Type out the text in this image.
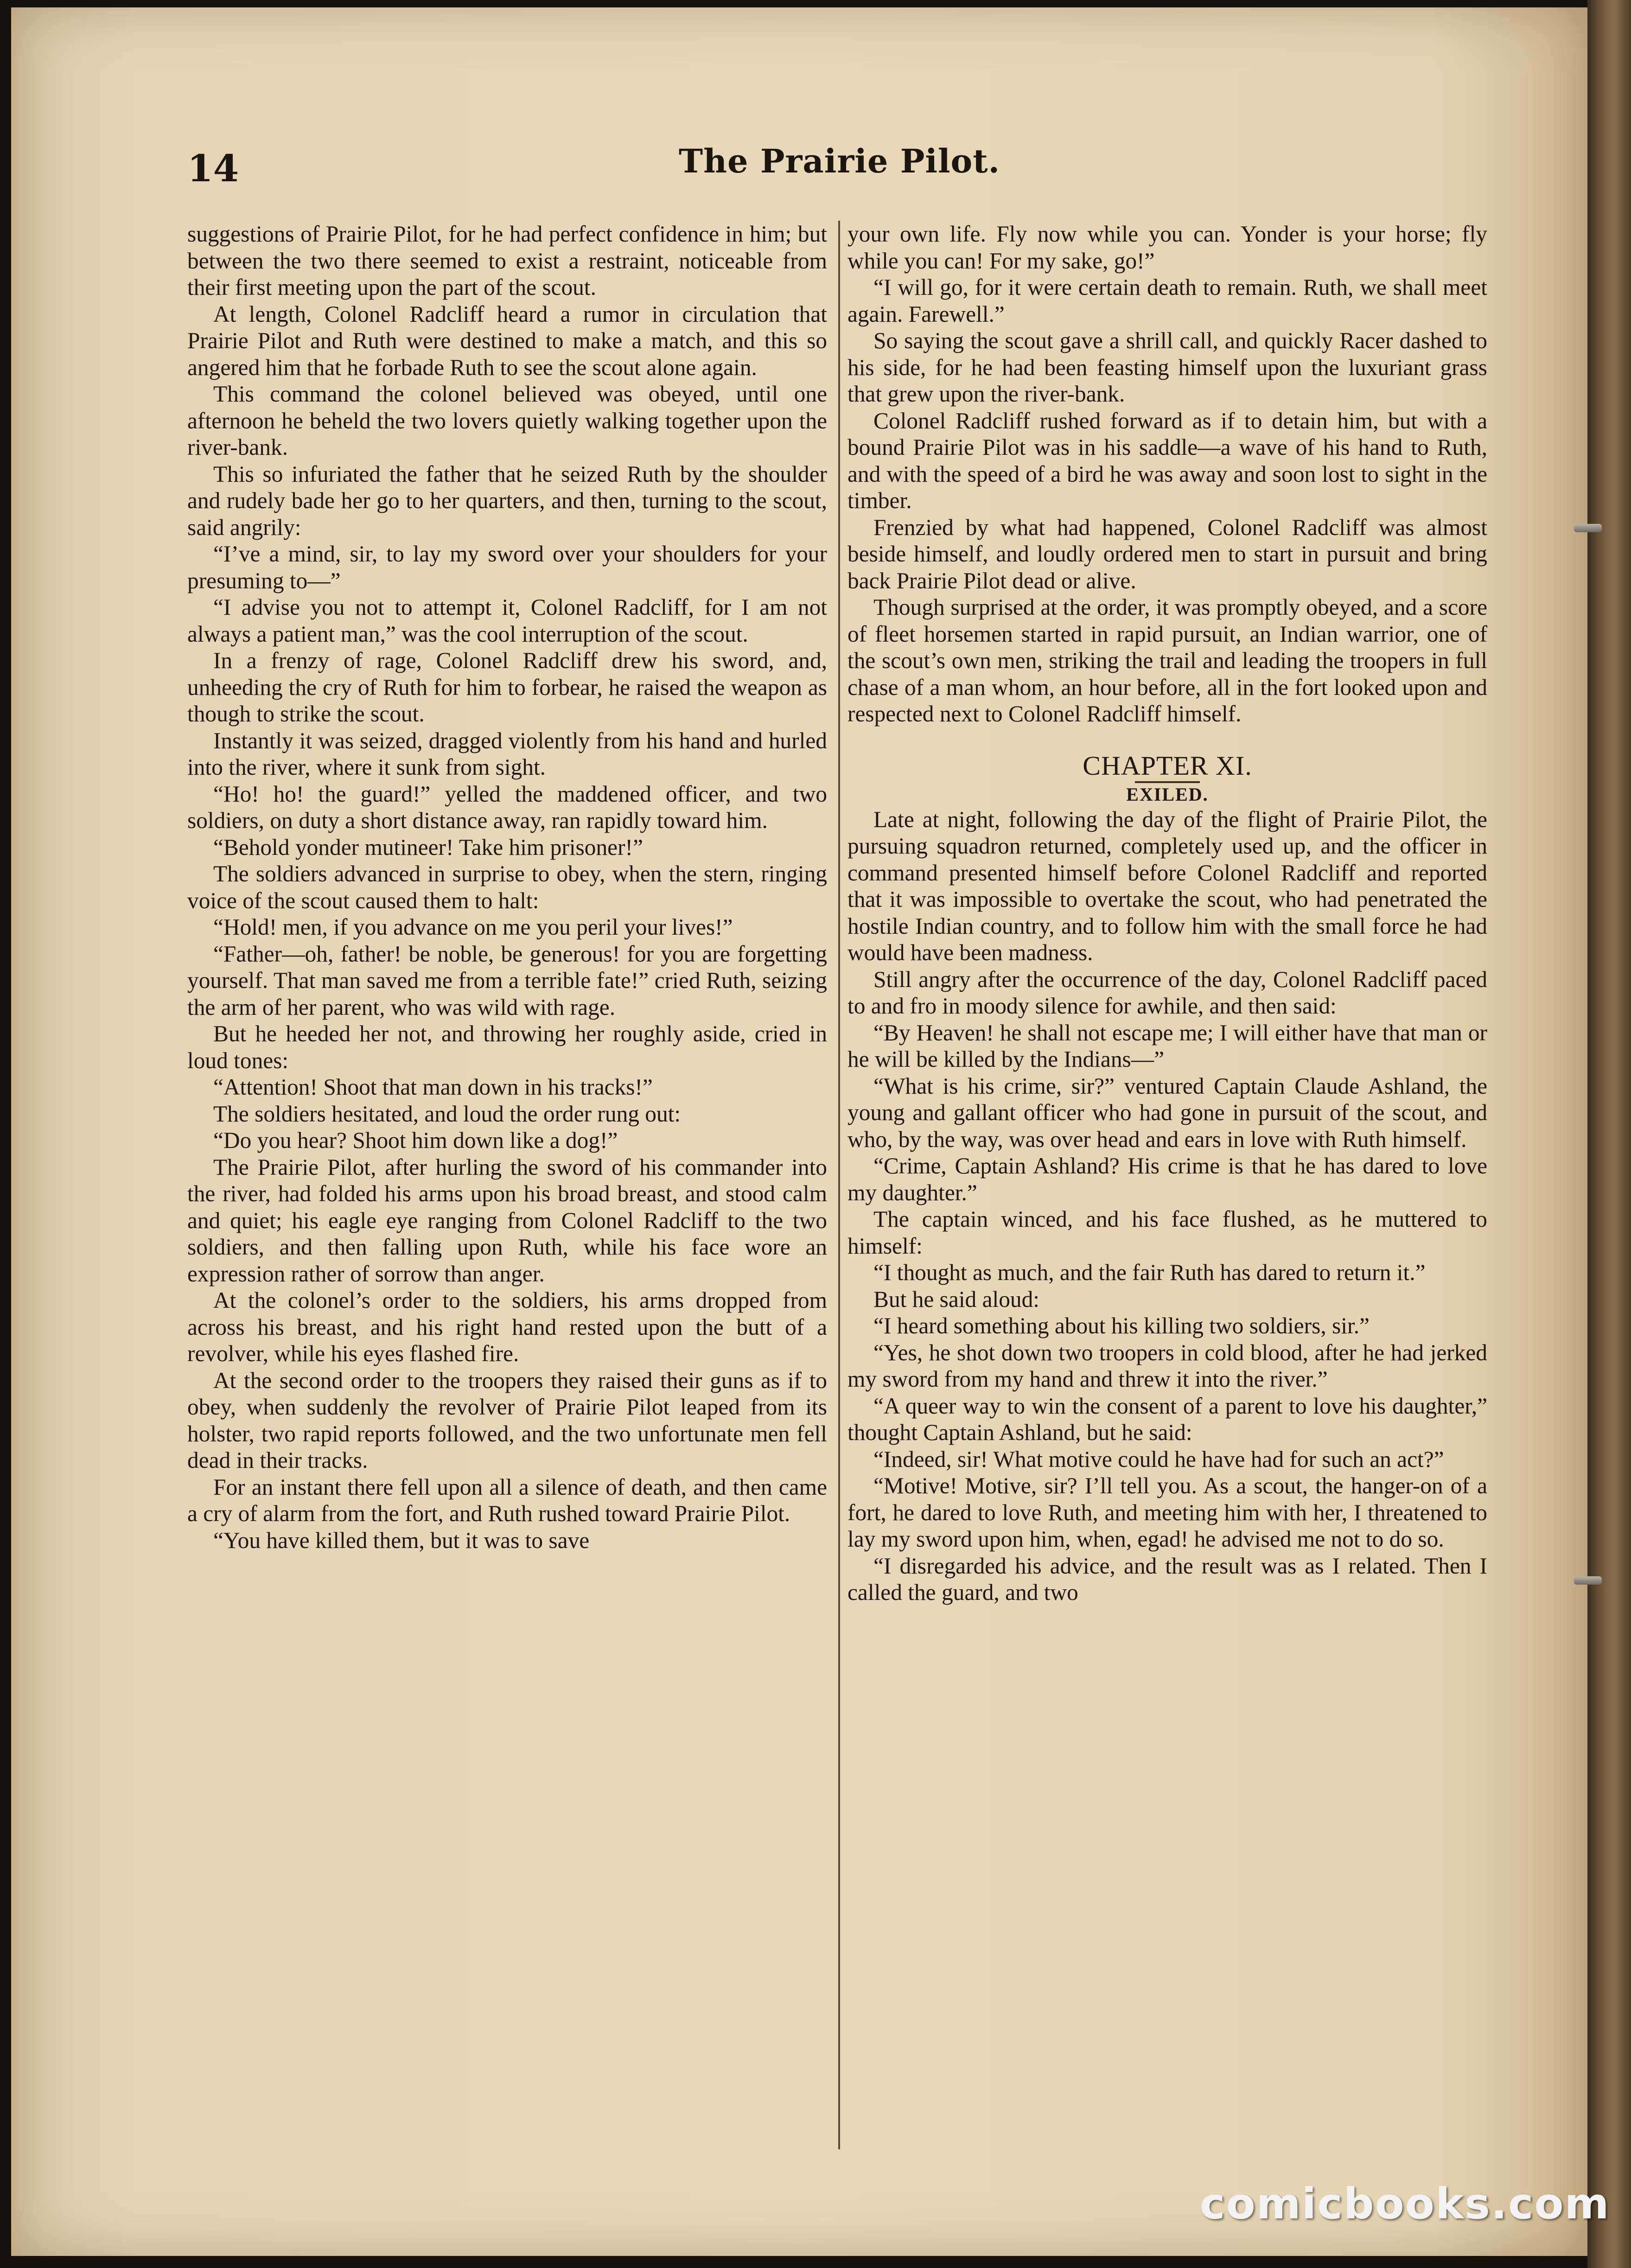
14	The Prairie Pilot.

suggestions of Prairie Pilot, for he had perfect confidence in him; but between the two there seemed to exist a restraint, noticeable from their first meeting upon the part of the scout.

At length, Colonel Radcliff heard a rumor in circulation that Prairie Pilot and Ruth were destined to make a match, and this so angered him that he forbade Ruth to see the scout alone again.

This command the colonel believed was obeyed, until one afternoon he beheld the two lovers quietly walking together upon the river-bank.

This so infuriated the father that he seized Ruth by the shoulder and rudely bade her go to her quarters, and then, turning to the scout, said angrily:

“I’ve a mind, sir, to lay my sword over your shoulders for your presuming to—”

“I advise you not to attempt it, Colonel Radcliff, for I am not always a patient man,” was the cool interruption of the scout.

In a frenzy of rage, Colonel Radcliff drew his sword, and, unheeding the cry of Ruth for him to forbear, he raised the weapon as though to strike the scout.

Instantly it was seized, dragged violently from his hand and hurled into the river, where it sunk from sight.

“Ho! ho! the guard!” yelled the maddened officer, and two soldiers, on duty a short distance away, ran rapidly toward him.

“Behold yonder mutineer! Take him prisoner!”

The soldiers advanced in surprise to obey, when the stern, ringing voice of the scout caused them to halt:

“Hold! men, if you advance on me you peril your lives!”

“Father—oh, father! be noble, be generous! for you are forgetting yourself. That man saved me from a terrible fate!” cried Ruth, seizing the arm of her parent, who was wild with rage.

But he heeded her not, and throwing her roughly aside, cried in loud tones:

“Attention! Shoot that man down in his tracks!”

The soldiers hesitated, and loud the order rung out:

“Do you hear? Shoot him down like a dog!”

The Prairie Pilot, after hurling the sword of his commander into the river, had folded his arms upon his broad breast, and stood calm and quiet; his eagle eye ranging from Colonel Radcliff to the two soldiers, and then falling upon Ruth, while his face wore an expression rather of sorrow than anger.

At the colonel’s order to the soldiers, his arms dropped from across his breast, and his right hand rested upon the butt of a revolver, while his eyes flashed fire.

At the second order to the troopers they raised their guns as if to obey, when suddenly the revolver of Prairie Pilot leaped from its holster, two rapid reports followed, and the two unfortunate men fell dead in their tracks.

For an instant there fell upon all a silence of death, and then came a cry of alarm from the fort, and Ruth rushed toward Prairie Pilot.

“You have killed them, but it was to save

your own life. Fly now while you can. Yonder is your horse; fly while you can! For my sake, go!”

“I will go, for it were certain death to remain. Ruth, we shall meet again. Farewell.”

So saying the scout gave a shrill call, and quickly Racer dashed to his side, for he had been feasting himself upon the luxuriant grass that grew upon the river-bank.

Colonel Radcliff rushed forward as if to detain him, but with a bound Prairie Pilot was in his saddle—a wave of his hand to Ruth, and with the speed of a bird he was away and soon lost to sight in the timber.

Frenzied by what had happened, Colonel Radcliff was almost beside himself, and loudly ordered men to start in pursuit and bring back Prairie Pilot dead or alive.

Though surprised at the order, it was promptly obeyed, and a score of fleet horsemen started in rapid pursuit, an Indian warrior, one of the scout’s own men, striking the trail and leading the troopers in full chase of a man whom, an hour before, all in the fort looked upon and respected next to Colonel Radcliff himself.

CHAPTER XI.

EXILED.

Late at night, following the day of the flight of Prairie Pilot, the pursuing squadron returned, completely used up, and the officer in command presented himself before Colonel Radcliff and reported that it was impossible to overtake the scout, who had penetrated the hostile Indian country, and to follow him with the small force he had would have been madness.

Still angry after the occurrence of the day, Colonel Radcliff paced to and fro in moody silence for awhile, and then said:

“By Heaven! he shall not escape me; I will either have that man or he will be killed by the Indians—”

“What is his crime, sir?” ventured Captain Claude Ashland, the young and gallant officer who had gone in pursuit of the scout, and who, by the way, was over head and ears in love with Ruth himself.

“Crime, Captain Ashland? His crime is that he has dared to love my daughter.”

The captain winced, and his face flushed, as he muttered to himself:

“I thought as much, and the fair Ruth has dared to return it.”

But he said aloud:

“I heard something about his killing two soldiers, sir.”

“Yes, he shot down two troopers in cold blood, after he had jerked my sword from my hand and threw it into the river.”

“A queer way to win the consent of a parent to love his daughter,” thought Captain Ashland, but he said:

“Indeed, sir! What motive could he have had for such an act?”

“Motive! Motive, sir? I’ll tell you. As a scout, the hanger-on of a fort, he dared to love Ruth, and meeting him with her, I threatened to lay my sword upon him, when, egad! he advised me not to do so.

“I disregarded his advice, and the result was as I related. Then I called the guard, and two

comicbooks.com
